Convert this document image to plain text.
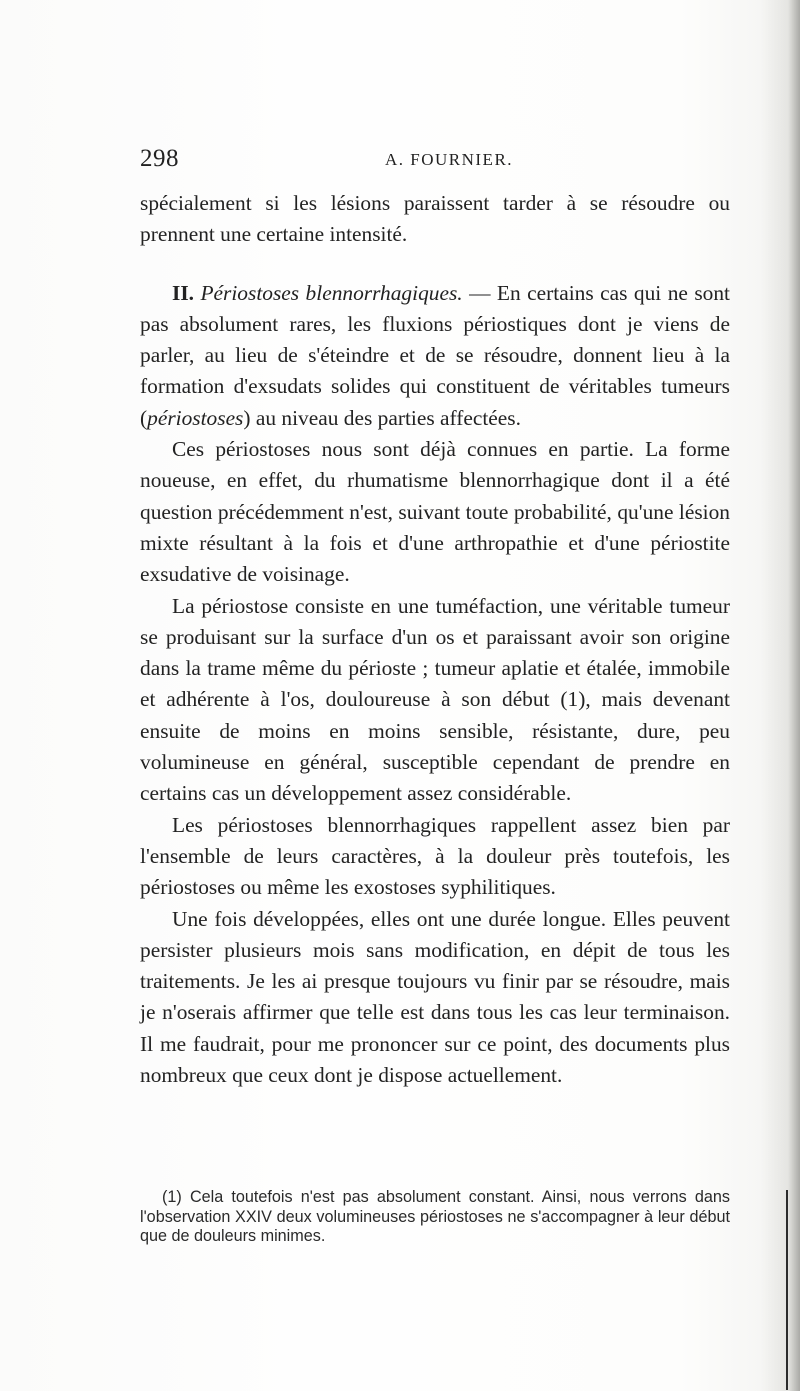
298	A. FOURNIER.

spécialement si les lésions paraissent tarder à se résoudre ou prennent une certaine intensité.

II. Périostoses blennorrhagiques. — En certains cas qui ne sont pas absolument rares, les fluxions périostiques dont je viens de parler, au lieu de s'éteindre et de se résoudre, donnent lieu à la formation d'exsudats solides qui constituent de véritables tumeurs (périostoses) au niveau des parties affectées.

Ces périostoses nous sont déjà connues en partie. La forme noueuse, en effet, du rhumatisme blennorrhagique dont il a été question précédemment n'est, suivant toute probabilité, qu'une lésion mixte résultant à la fois et d'une arthropathie et d'une périostite exsudative de voisinage.

La périostose consiste en une tuméfaction, une véritable tumeur se produisant sur la surface d'un os et paraissant avoir son origine dans la trame même du périoste ; tumeur aplatie et étalée, immobile et adhérente à l'os, douloureuse à son début (1), mais devenant ensuite de moins en moins sensible, résistante, dure, peu volumineuse en général, susceptible cependant de prendre en certains cas un développement assez considérable.

Les périostoses blennorrhagiques rappellent assez bien par l'ensemble de leurs caractères, à la douleur près toutefois, les périostoses ou même les exostoses syphilitiques.

Une fois développées, elles ont une durée longue. Elles peuvent persister plusieurs mois sans modification, en dépit de tous les traitements. Je les ai presque toujours vu finir par se résoudre, mais je n'oserais affirmer que telle est dans tous les cas leur terminaison. Il me faudrait, pour me prononcer sur ce point, des documents plus nombreux que ceux dont je dispose actuellement.

(1) Cela toutefois n'est pas absolument constant. Ainsi, nous verrons dans l'observation XXIV deux volumineuses périostoses ne s'accompagner à leur début que de douleurs minimes.
